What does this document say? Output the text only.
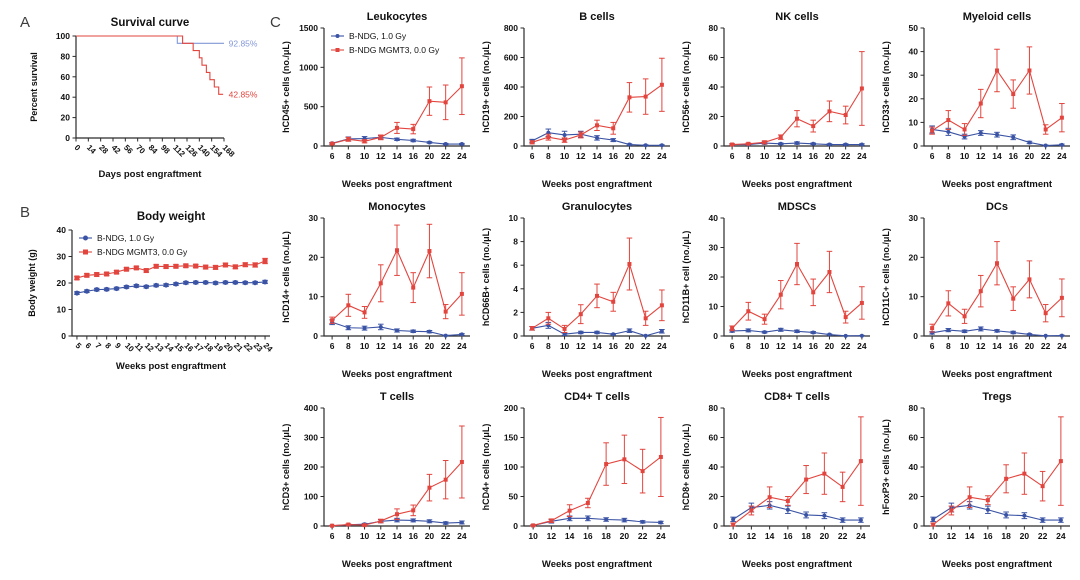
A
B
C
Survival curve
Percent survival
Days post engraftment
0
20
40
60
80
100
0 14 28 42 56 70 84 98 112
126
140
154
168
92.85%
42.85%
Body weight
Body weight (g)
Weeks post engraftment
0
10
20
30
40
5 6 7 8 9 10
11
12
13
14
15
16
17
18
19
20
21
22
23
24
B-NDG, 1.0 Gy
B-NDG MGMT3, 0.0 Gy
Leukocytes
hCD45+ cells (no./μL)
Weeks post engraftment
0
500
1000
1500
6 8 10 12 14 16 20 22 24
B-NDG, 1.0 Gy
B-NDG MGMT3, 0.0 Gy
B cells
hCD19+ cells (no./μL)
Weeks post engraftment
0
200
400
600
800
6 8 10 12 14 16 20 22 24
NK cells
hCD56+ cells (no./μL)
Weeks post engraftment
0
20
40
60
80
6 8 10 12 14 16 20 22 24
Myeloid cells
hCD33+ cells (no./μL)
Weeks post engraftment
0
10
20
30
40
50
6 8 10 12 14 16 20 22 24
Monocytes
hCD14+ cells (no./μL)
Weeks post engraftment
0
10
20
30
6 8 10 12 14 16 20 22 24
Granulocytes
hCD66B+ cells (no./μL)
Weeks post engraftment
0
2
4
6
8
10
6 8 10 12 14 16 20 22 24
MDSCs
hCD11B+ cell (no./μL)
Weeks post engraftment
0
10
20
30
40
6 8 10 12 14 16 20 22 24
DCs
hCD11C+ cells (no./μL)
Weeks post engraftment
0
10
20
30
6 8 10 12 14 16 20 22 24
T cells
hCD3+ cells (no./μL)
Weeks post engraftment
0
100
200
300
400
6 8 10 12 14 16 20 22 24
CD4+ T cells
hCD4+ cells (no./μL)
Weeks post engraftment
0
50
100
150
200
10 12 14 16 18 20 22 24
CD8+ T cells
hCD8+ cells (no./μL)
Weeks post engraftment
0
20
40
60
80
10 12 14 16 18 20 22 24
Tregs
hFoxP3+ cells (no./μL)
Weeks post engraftment
0
20
40
60
80
10 12 14 16 18 20 22 24
